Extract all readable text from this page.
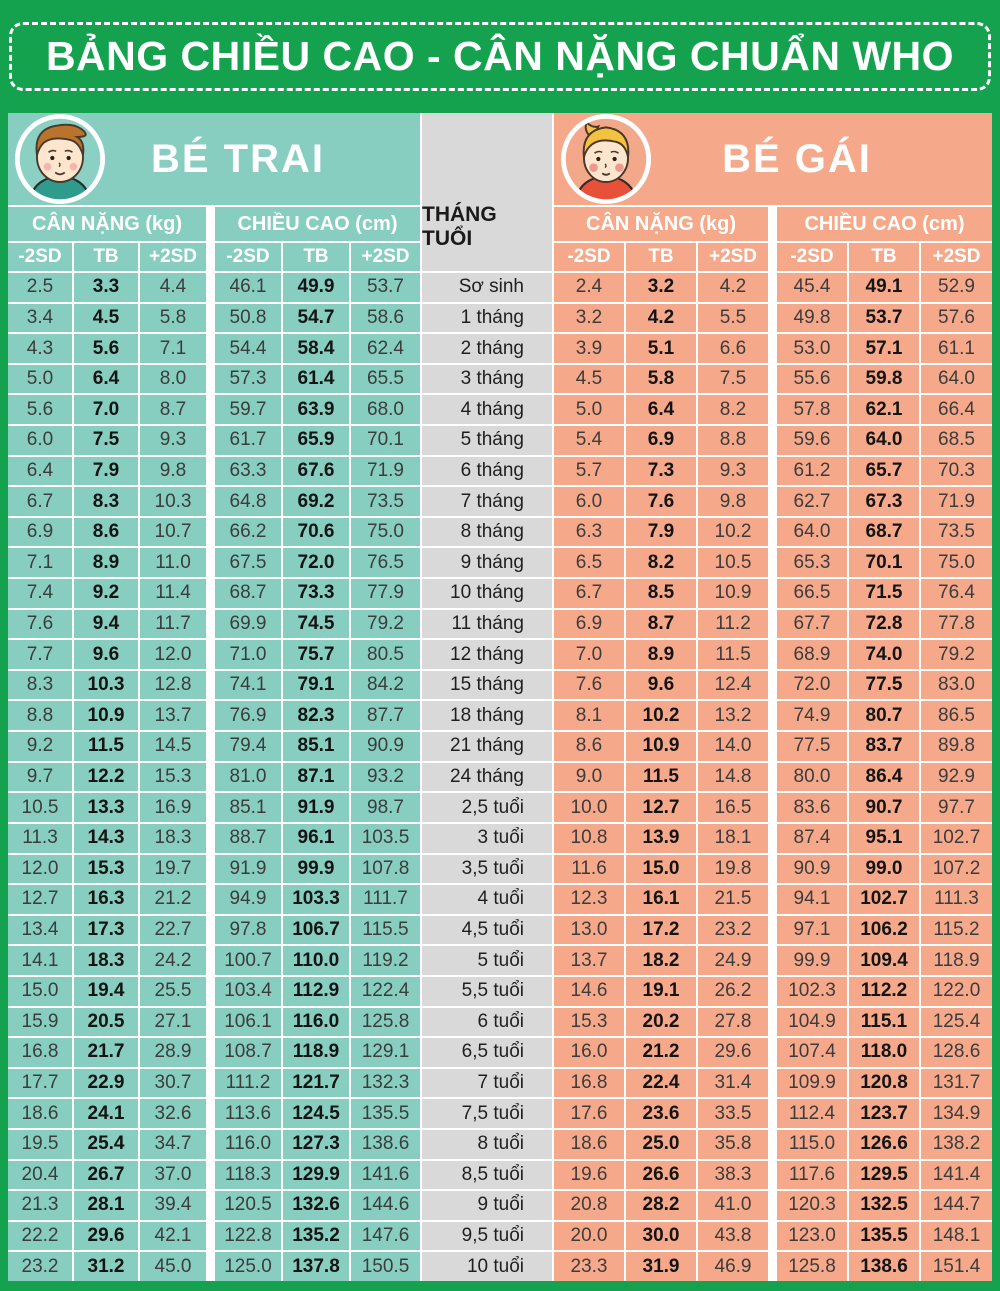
BẢNG CHIỀU CAO - CÂN NẶNG CHUẨN WHO
BÉ TRAI
THÁNG TUỔI
BÉ GÁI
CÂN NẶNG (kg)	CHIỀU CAO (cm)	CÂN NẶNG (kg)	CHIỀU CAO (cm)
-2SD	TB	+2SD	-2SD	TB	+2SD	-2SD	TB	+2SD	-2SD	TB	+2SD
2.5	3.3	4.4	46.1	49.9	53.7	Sơ sinh	2.4	3.2	4.2	45.4	49.1	52.9
3.4	4.5	5.8	50.8	54.7	58.6	1 tháng	3.2	4.2	5.5	49.8	53.7	57.6
4.3	5.6	7.1	54.4	58.4	62.4	2 tháng	3.9	5.1	6.6	53.0	57.1	61.1
5.0	6.4	8.0	57.3	61.4	65.5	3 tháng	4.5	5.8	7.5	55.6	59.8	64.0
5.6	7.0	8.7	59.7	63.9	68.0	4 tháng	5.0	6.4	8.2	57.8	62.1	66.4
6.0	7.5	9.3	61.7	65.9	70.1	5 tháng	5.4	6.9	8.8	59.6	64.0	68.5
6.4	7.9	9.8	63.3	67.6	71.9	6 tháng	5.7	7.3	9.3	61.2	65.7	70.3
6.7	8.3	10.3	64.8	69.2	73.5	7 tháng	6.0	7.6	9.8	62.7	67.3	71.9
6.9	8.6	10.7	66.2	70.6	75.0	8 tháng	6.3	7.9	10.2	64.0	68.7	73.5
7.1	8.9	11.0	67.5	72.0	76.5	9 tháng	6.5	8.2	10.5	65.3	70.1	75.0
7.4	9.2	11.4	68.7	73.3	77.9	10 tháng	6.7	8.5	10.9	66.5	71.5	76.4
7.6	9.4	11.7	69.9	74.5	79.2	11 tháng	6.9	8.7	11.2	67.7	72.8	77.8
7.7	9.6	12.0	71.0	75.7	80.5	12 tháng	7.0	8.9	11.5	68.9	74.0	79.2
8.3	10.3	12.8	74.1	79.1	84.2	15 tháng	7.6	9.6	12.4	72.0	77.5	83.0
8.8	10.9	13.7	76.9	82.3	87.7	18 tháng	8.1	10.2	13.2	74.9	80.7	86.5
9.2	11.5	14.5	79.4	85.1	90.9	21 tháng	8.6	10.9	14.0	77.5	83.7	89.8
9.7	12.2	15.3	81.0	87.1	93.2	24 tháng	9.0	11.5	14.8	80.0	86.4	92.9
10.5	13.3	16.9	85.1	91.9	98.7	2,5 tuổi	10.0	12.7	16.5	83.6	90.7	97.7
11.3	14.3	18.3	88.7	96.1	103.5	3 tuổi	10.8	13.9	18.1	87.4	95.1	102.7
12.0	15.3	19.7	91.9	99.9	107.8	3,5 tuổi	11.6	15.0	19.8	90.9	99.0	107.2
12.7	16.3	21.2	94.9	103.3	111.7	4 tuổi	12.3	16.1	21.5	94.1	102.7	111.3
13.4	17.3	22.7	97.8	106.7	115.5	4,5 tuổi	13.0	17.2	23.2	97.1	106.2	115.2
14.1	18.3	24.2	100.7	110.0	119.2	5 tuổi	13.7	18.2	24.9	99.9	109.4	118.9
15.0	19.4	25.5	103.4	112.9	122.4	5,5 tuổi	14.6	19.1	26.2	102.3	112.2	122.0
15.9	20.5	27.1	106.1	116.0	125.8	6 tuổi	15.3	20.2	27.8	104.9	115.1	125.4
16.8	21.7	28.9	108.7	118.9	129.1	6,5 tuổi	16.0	21.2	29.6	107.4	118.0	128.6
17.7	22.9	30.7	111.2	121.7	132.3	7 tuổi	16.8	22.4	31.4	109.9	120.8	131.7
18.6	24.1	32.6	113.6	124.5	135.5	7,5 tuổi	17.6	23.6	33.5	112.4	123.7	134.9
19.5	25.4	34.7	116.0	127.3	138.6	8 tuổi	18.6	25.0	35.8	115.0	126.6	138.2
20.4	26.7	37.0	118.3	129.9	141.6	8,5 tuổi	19.6	26.6	38.3	117.6	129.5	141.4
21.3	28.1	39.4	120.5	132.6	144.6	9 tuổi	20.8	28.2	41.0	120.3	132.5	144.7
22.2	29.6	42.1	122.8	135.2	147.6	9,5 tuổi	20.0	30.0	43.8	123.0	135.5	148.1
23.2	31.2	45.0	125.0	137.8	150.5	10 tuổi	23.3	31.9	46.9	125.8	138.6	151.4
